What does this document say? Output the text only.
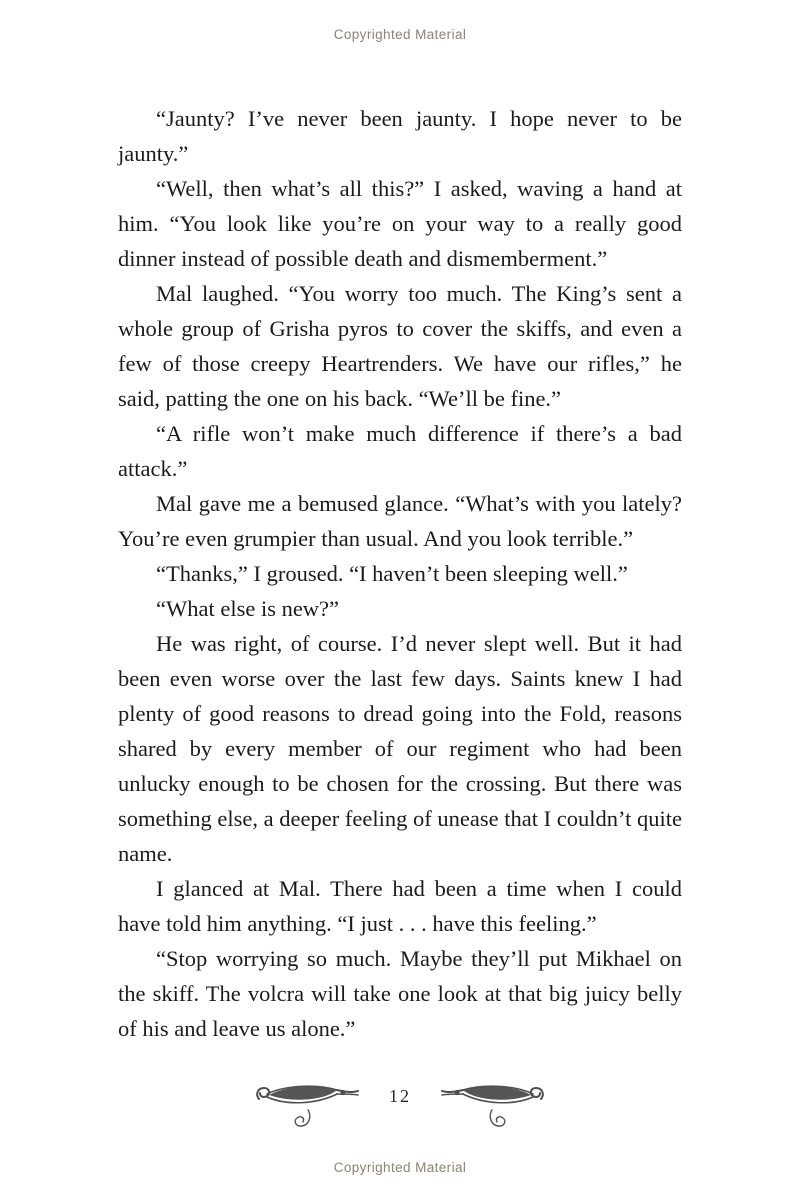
Copyrighted Material

“Jaunty? I’ve never been jaunty. I hope never to be jaunty.”

“Well, then what’s all this?” I asked, waving a hand at him. “You look like you’re on your way to a really good dinner instead of possible death and dismemberment.”

Mal laughed. “You worry too much. The King’s sent a whole group of Grisha pyros to cover the skiffs, and even a few of those creepy Heartrenders. We have our rifles,” he said, patting the one on his back. “We’ll be fine.”

“A rifle won’t make much difference if there’s a bad attack.”

Mal gave me a bemused glance. “What’s with you lately? You’re even grumpier than usual. And you look terrible.”

“Thanks,” I groused. “I haven’t been sleeping well.”

“What else is new?”

He was right, of course. I’d never slept well. But it had been even worse over the last few days. Saints knew I had plenty of good reasons to dread going into the Fold, reasons shared by every member of our regiment who had been unlucky enough to be chosen for the crossing. But there was something else, a deeper feeling of unease that I couldn’t quite name.

I glanced at Mal. There had been a time when I could have told him anything. “I just . . . have this feeling.”

“Stop worrying so much. Maybe they’ll put Mikhael on the skiff. The volcra will take one look at that big juicy belly of his and leave us alone.”

12
Copyrighted Material
